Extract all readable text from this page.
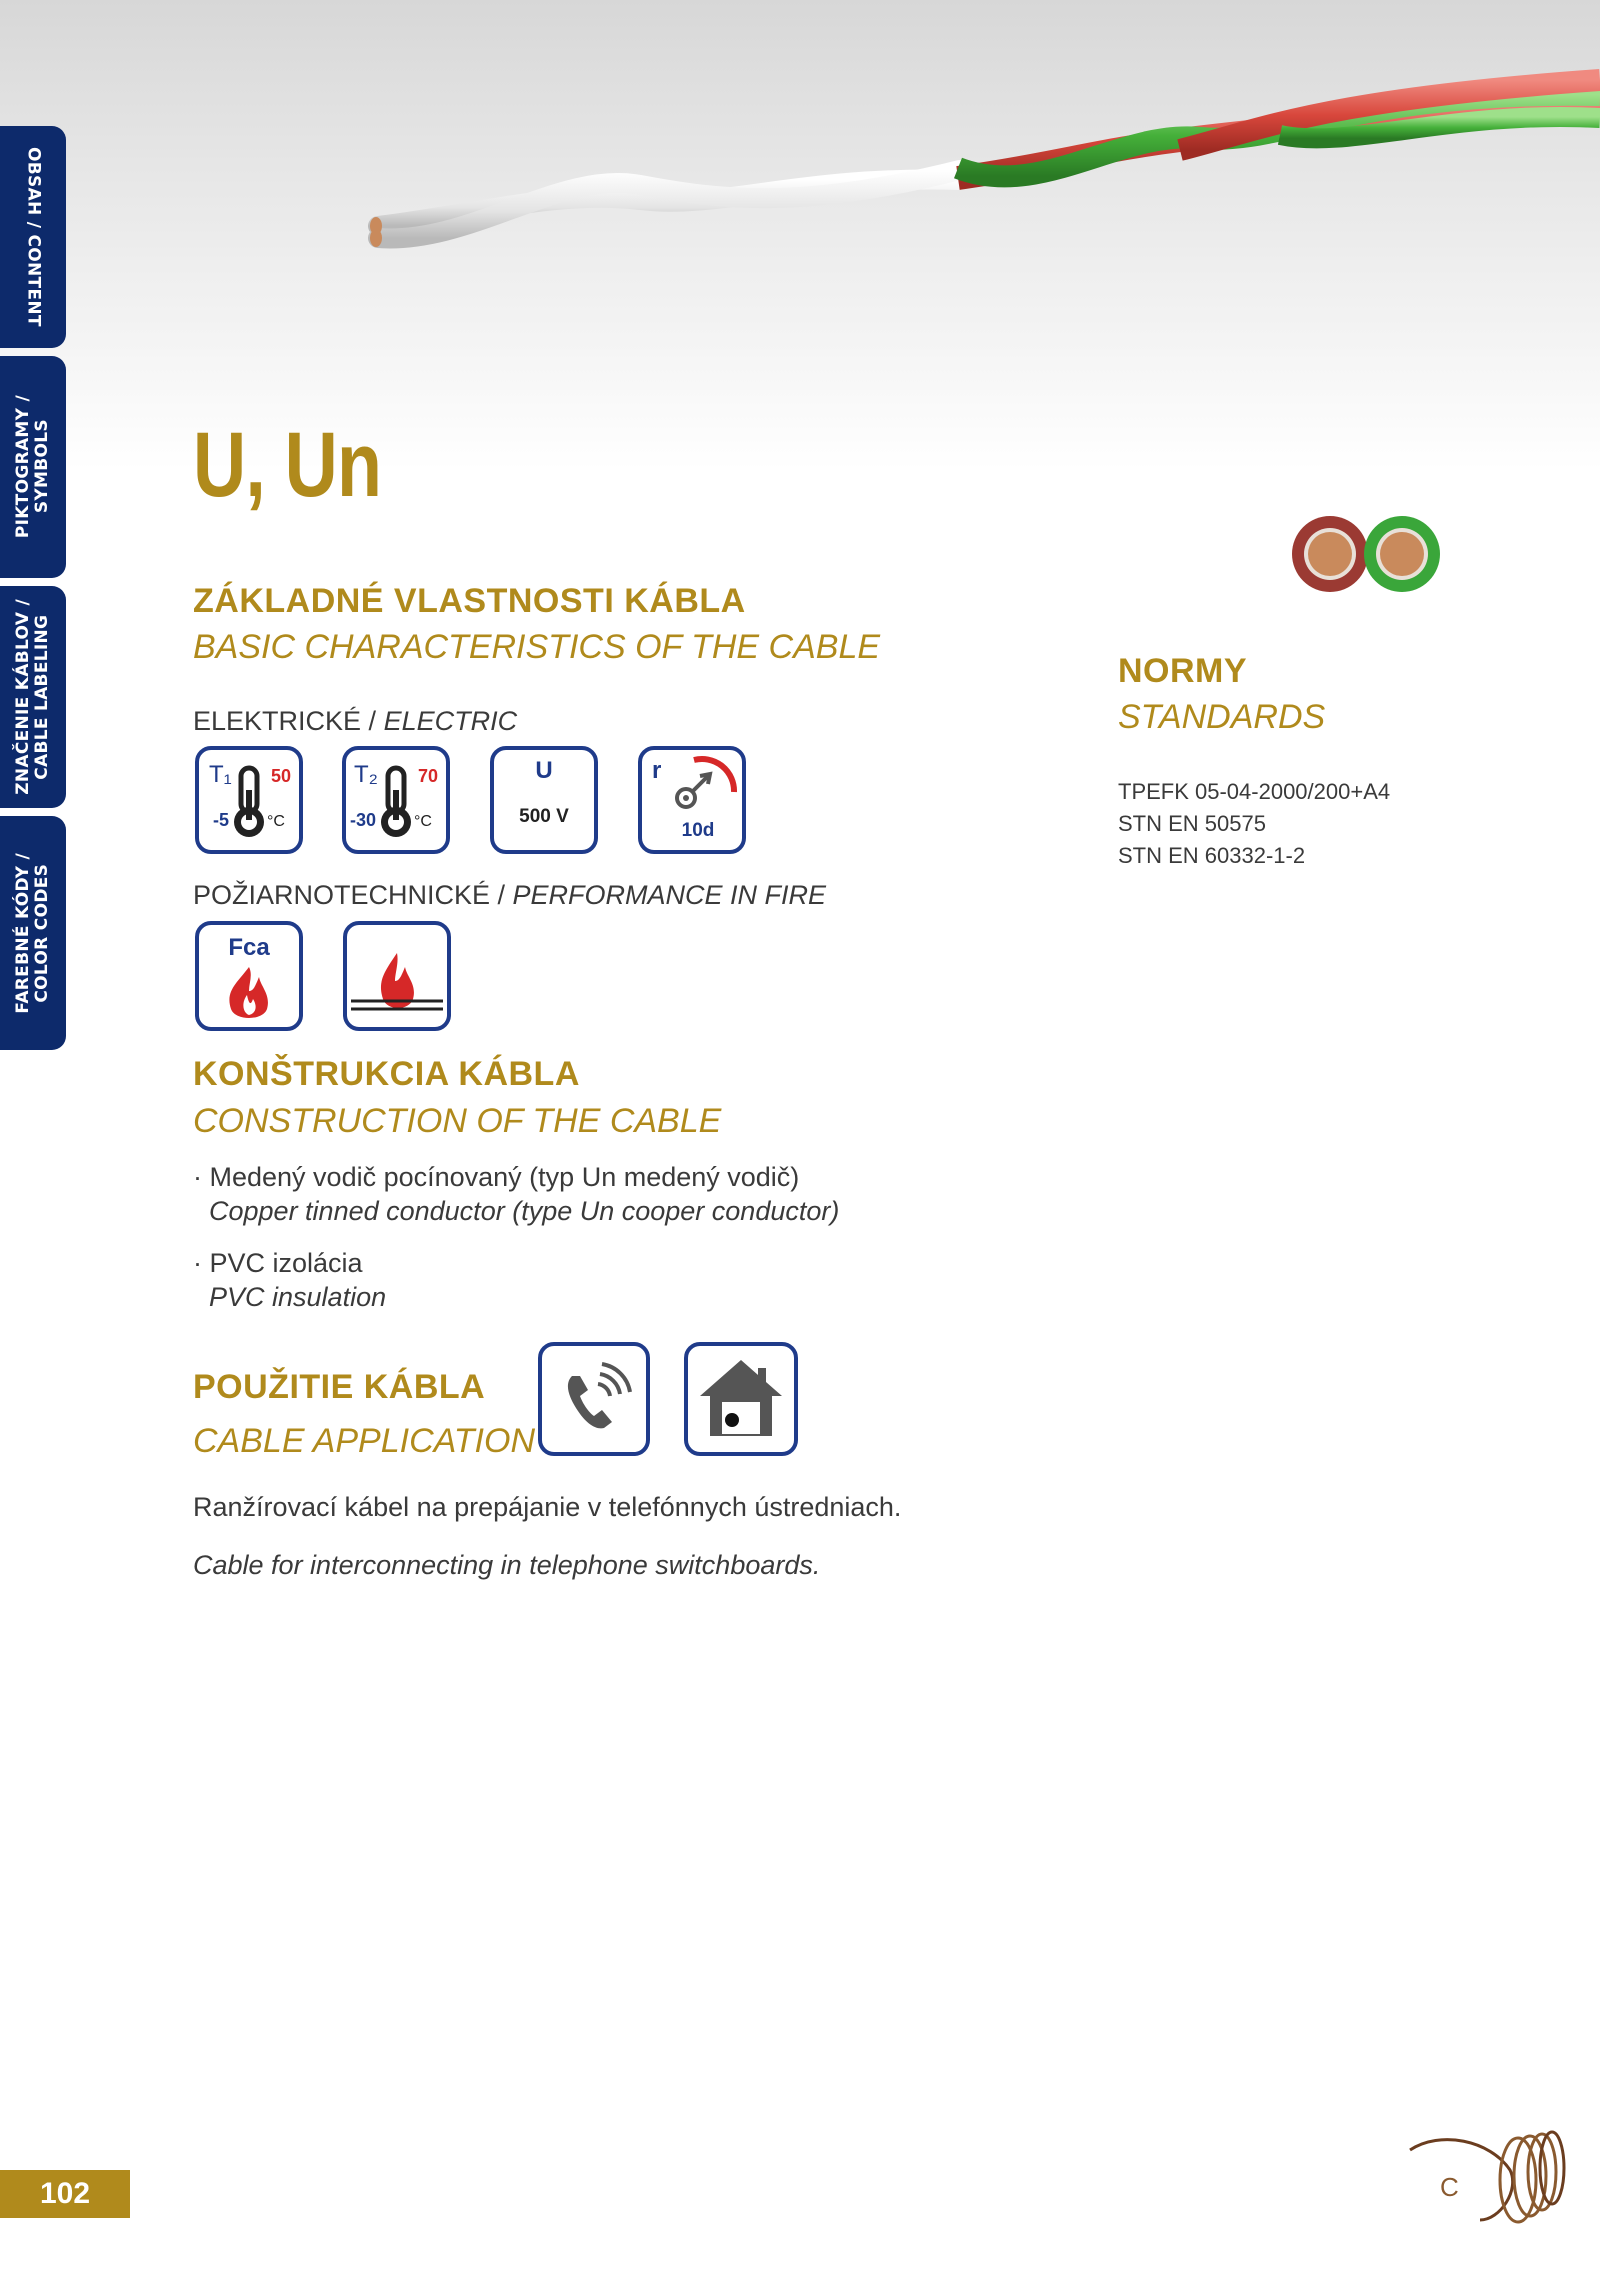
OBSAH / CONTENT
PIKTOGRAMY /
SYMBOLS
ZNAČENIE KÁBLOV /
CABLE LABELING
FAREBNÉ KÓDY /
COLOR CODES
U, Un
ZÁKLADNÉ VLASTNOSTI KÁBLA
BASIC CHARACTERISTICS OF THE CABLE
ELEKTRICKÉ / ELECTRIC
T₁ 50
-5 °C
T₂ 70
-30 °C
U
500 V
r
10d
POŽIARNOTECHNICKÉ / PERFORMANCE IN FIRE
Fca
KONŠTRUKCIA KÁBLA
CONSTRUCTION OF THE CABLE
· Medený vodič pocínovaný (typ Un medený vodič)
Copper tinned conductor (type Un cooper conductor)
· PVC izolácia
PVC insulation
POUŽITIE KÁBLA
CABLE APPLICATION
Ranžírovací kábel na prepájanie v telefónnych ústredniach.
Cable for interconnecting in telephone switchboards.
NORMY
STANDARDS
TPEFK 05-04-2000/200+A4
STN EN 50575
STN EN 60332-1-2
102	C
